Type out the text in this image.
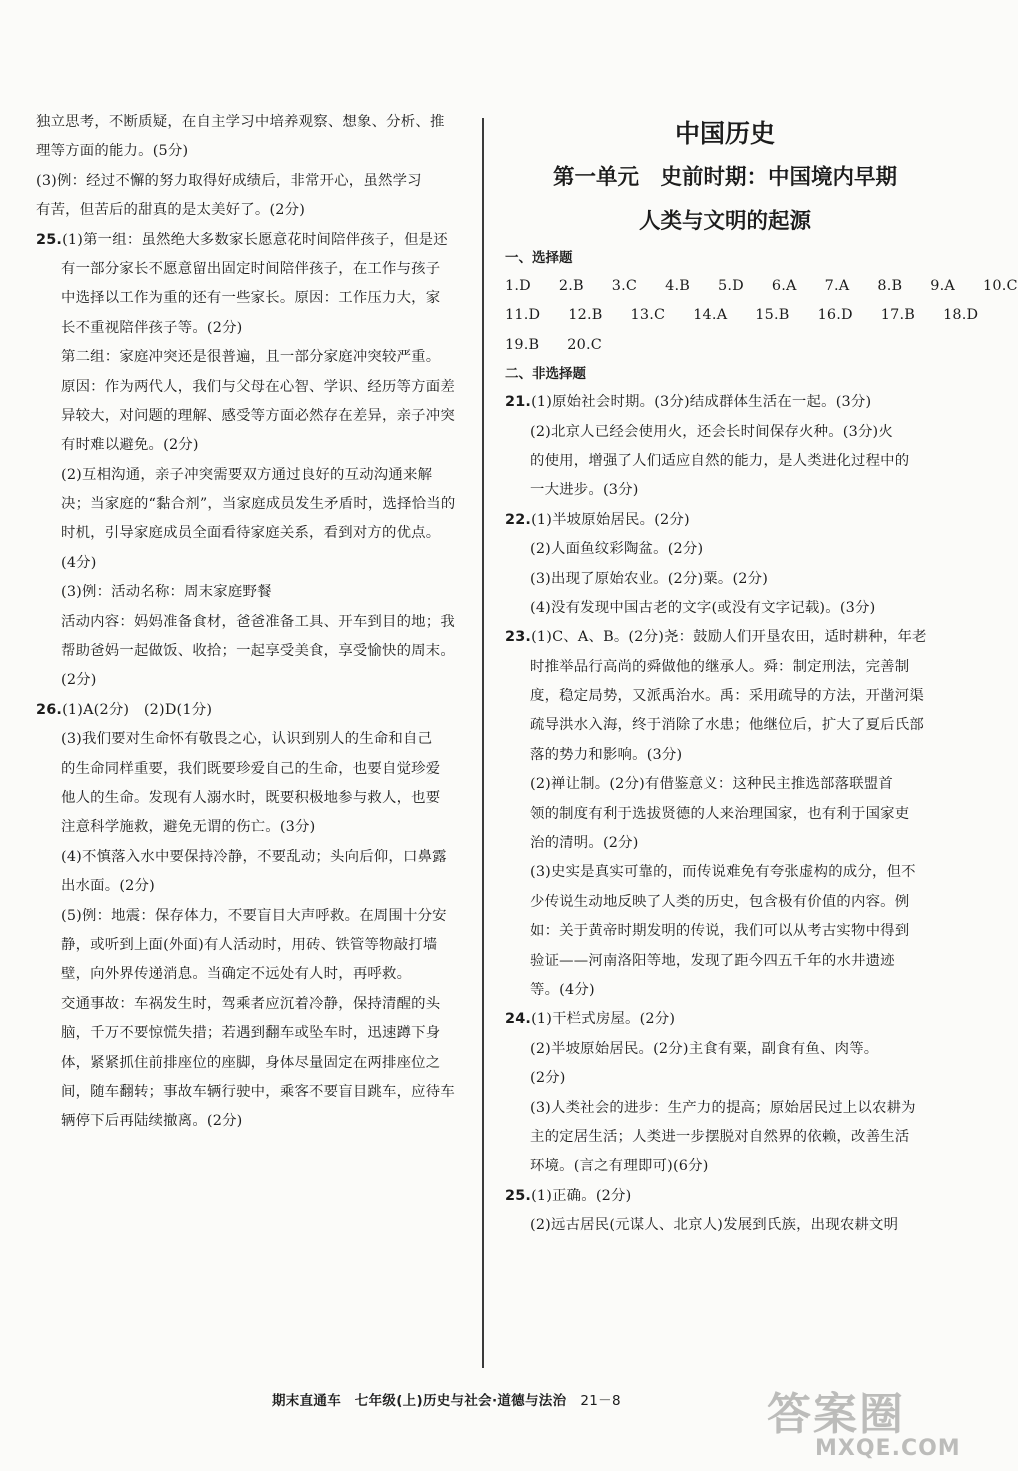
独立思考，不断质疑，在自主学习中培养观察、想象、分析、推
理等方面的能力。(5分)
(3)例：经过不懈的努力取得好成绩后，非常开心，虽然学习
有苦，但苦后的甜真的是太美好了。(2分)
25.(1)第一组：虽然绝大多数家长愿意花时间陪伴孩子，但是还
有一部分家长不愿意留出固定时间陪伴孩子，在工作与孩子
中选择以工作为重的还有一些家长。原因：工作压力大，家
长不重视陪伴孩子等。(2分)
第二组：家庭冲突还是很普遍，且一部分家庭冲突较严重。
原因：作为两代人，我们与父母在心智、学识、经历等方面差
异较大，对问题的理解、感受等方面必然存在差异，亲子冲突
有时难以避免。(2分)
(2)互相沟通，亲子冲突需要双方通过良好的互动沟通来解
决；当家庭的“黏合剂”，当家庭成员发生矛盾时，选择恰当的
时机，引导家庭成员全面看待家庭关系，看到对方的优点。
(4分)
(3)例：活动名称：周末家庭野餐
活动内容：妈妈准备食材，爸爸准备工具、开车到目的地；我
帮助爸妈一起做饭、收拾；一起享受美食，享受愉快的周末。
(2分)
26.(1)A(2分)　(2)D(1分)
(3)我们要对生命怀有敬畏之心，认识到别人的生命和自己
的生命同样重要，我们既要珍爱自己的生命，也要自觉珍爱
他人的生命。发现有人溺水时，既要积极地参与救人，也要
注意科学施救，避免无谓的伤亡。(3分)
(4)不慎落入水中要保持冷静，不要乱动；头向后仰，口鼻露
出水面。(2分)
(5)例：地震：保存体力，不要盲目大声呼救。在周围十分安
静，或听到上面(外面)有人活动时，用砖、铁管等物敲打墙
壁，向外界传递消息。当确定不远处有人时，再呼救。
交通事故：车祸发生时，驾乘者应沉着冷静，保持清醒的头
脑，千万不要惊慌失措；若遇到翻车或坠车时，迅速蹲下身
体，紧紧抓住前排座位的座脚，身体尽量固定在两排座位之
间，随车翻转；事故车辆行驶中，乘客不要盲目跳车，应待车
辆停下后再陆续撤离。(2分)
中国历史
第一单元　史前时期：中国境内早期
人类与文明的起源
一、选择题
1.D 2.B 3.C 4.B 5.D 6.A 7.A 8.B 9.A 10.C
11.D 12.B 13.C 14.A 15.B 16.D 17.B 18.D
19.B 20.C
二、非选择题
21.(1)原始社会时期。(3分)结成群体生活在一起。(3分)
(2)北京人已经会使用火，还会长时间保存火种。(3分)火
的使用，增强了人们适应自然的能力，是人类进化过程中的
一大进步。(3分)
22.(1)半坡原始居民。(2分)
(2)人面鱼纹彩陶盆。(2分)
(3)出现了原始农业。(2分)粟。(2分)
(4)没有发现中国古老的文字(或没有文字记载)。(3分)
23.(1)C、A、B。(2分)尧：鼓励人们开垦农田，适时耕种，年老
时推举品行高尚的舜做他的继承人。舜：制定刑法，完善制
度，稳定局势，又派禹治水。禹：采用疏导的方法，开凿河渠
疏导洪水入海，终于消除了水患；他继位后，扩大了夏后氏部
落的势力和影响。(3分)
(2)禅让制。(2分)有借鉴意义：这种民主推选部落联盟首
领的制度有利于选拔贤德的人来治理国家，也有利于国家吏
治的清明。(2分)
(3)史实是真实可靠的，而传说难免有夸张虚构的成分，但不
少传说生动地反映了人类的历史，包含极有价值的内容。例
如：关于黄帝时期发明的传说，我们可以从考古实物中得到
验证——河南洛阳等地，发现了距今四五千年的水井遗迹
等。(4分)
24.(1)干栏式房屋。(2分)
(2)半坡原始居民。(2分)主食有粟，副食有鱼、肉等。
(2分)
(3)人类社会的进步：生产力的提高；原始居民过上以农耕为
主的定居生活；人类进一步摆脱对自然界的依赖，改善生活
环境。(言之有理即可)(6分)
25.(1)正确。(2分)
(2)远古居民(元谋人、北京人)发展到氏族，出现农耕文明
期末直通车　七年级(上)历史与社会·道德与法治 21－8	答案圈
MXQE.COM
